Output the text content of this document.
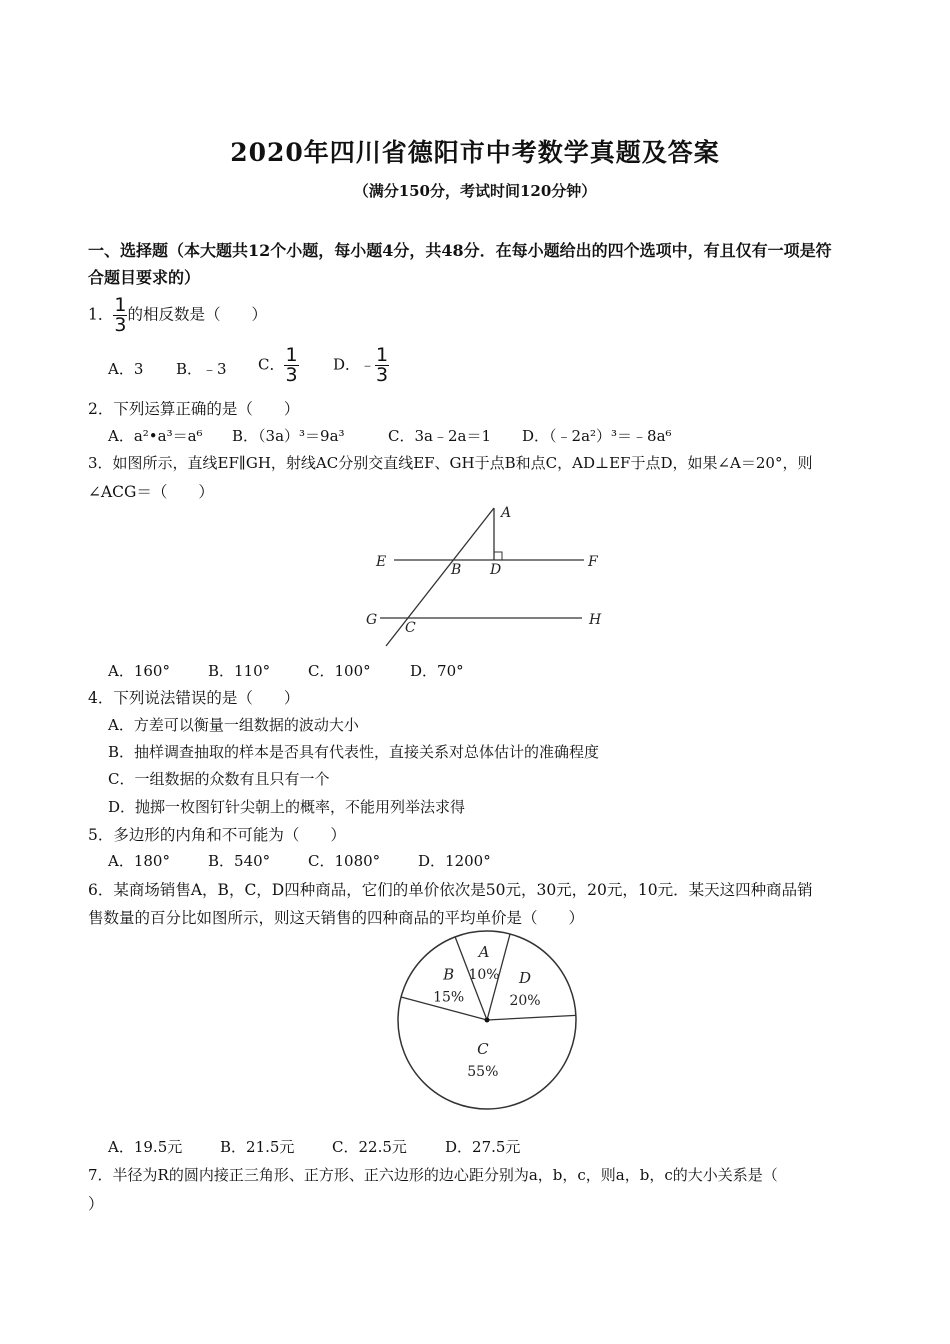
2020年四川省德阳市中考数学真题及答案
（满分150分，考试时间120分钟）
一、选择题（本大题共12个小题，每小题4分，共48分．在每小题给出的四个选项中，有且仅有一项是符
合题目要求的）
1． $\frac{1}{3}$ 的相反数是（　　）
A．3 B．﹣3 C． $\frac{1}{3}$ D．﹣ $\frac{1}{3}$
2．下列运算正确的是（　　）
A．a²•a³＝a⁶ B．（3a）³＝9a³	C．3a﹣2a＝1 D．（﹣2a²）³＝﹣8a⁶
3．如图所示，直线EF∥GH，射线AC分别交直线EF、GH于点B和点C，AD⊥EF于点D，如果∠A＝20°，则
∠ACG＝（　　）
A
B D
E	F
G C	H
A．160°	B．110°	C．100°	D．70°
4．下列说法错误的是（　　）
A．方差可以衡量一组数据的波动大小
B．抽样调查抽取的样本是否具有代表性，直接关系对总体估计的准确程度
C．一组数据的众数有且只有一个
D．抛掷一枚图钉针尖朝上的概率，不能用列举法求得
5．多边形的内角和不可能为（　　）
A．180°	B．540°	C．1080°	D．1200°
6．某商场销售A，B，C，D四种商品，它们的单价依次是50元，30元，20元，10元．某天这四种商品销
售数量的百分比如图所示，则这天销售的四种商品的平均单价是（　　）
A
10% D
20%
C
55%
B
15%
A．19.5元	B．21.5元	C．22.5元	D．27.5元
7．半径为R的圆内接正三角形、正方形、正六边形的边心距分别为a，b，c，则a，b，c的大小关系是（
）
